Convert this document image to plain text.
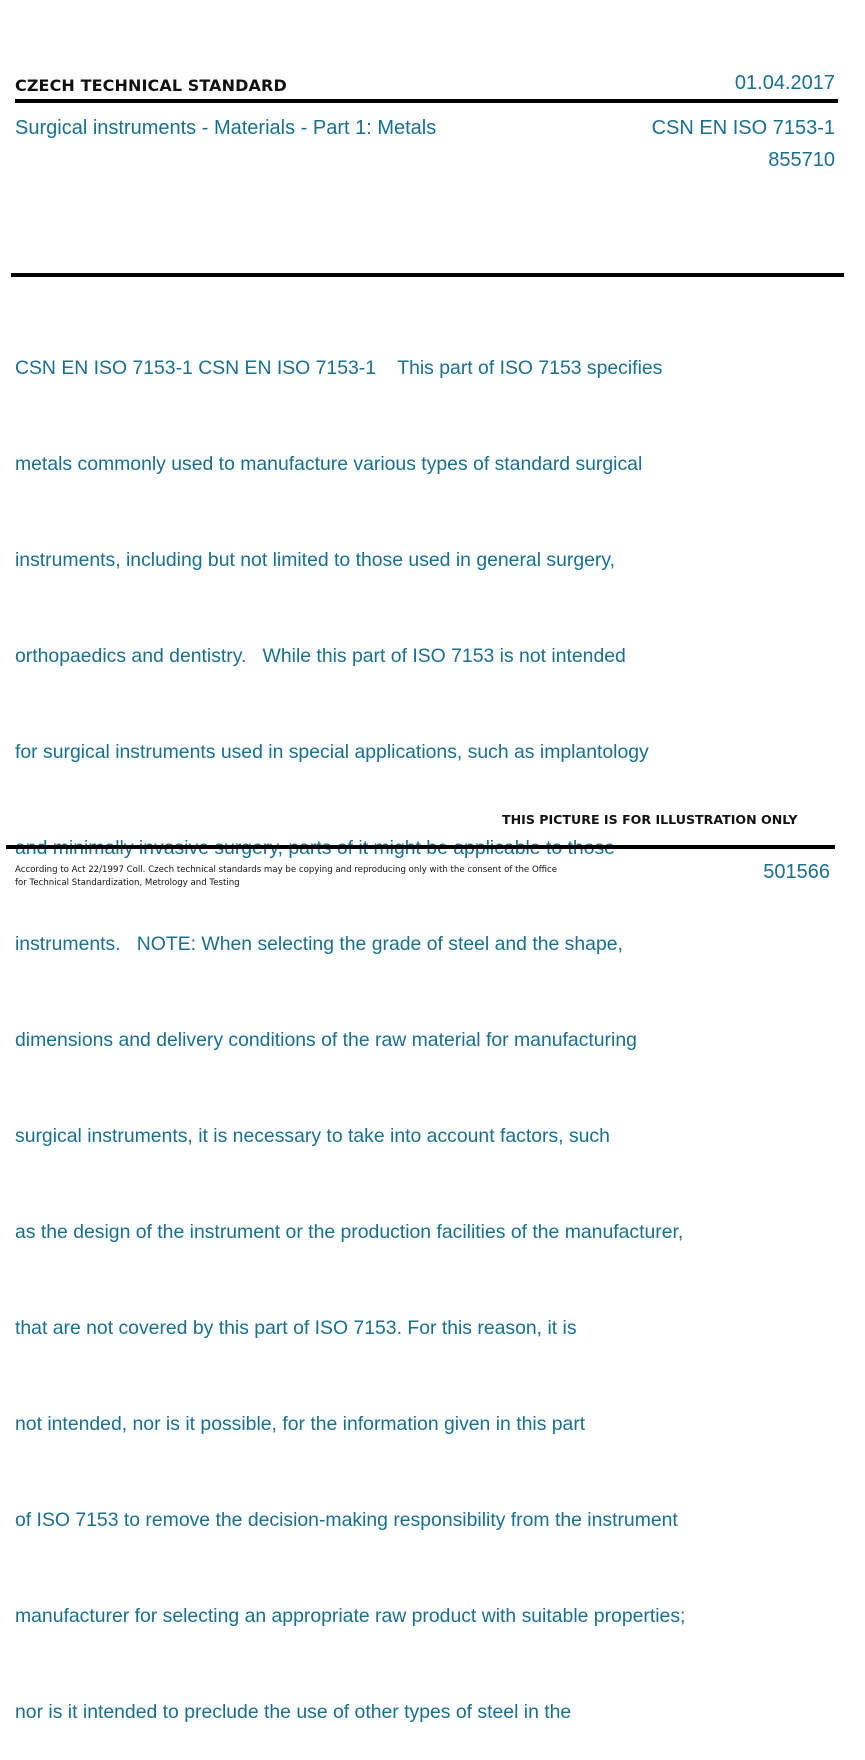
CZECH TECHNICAL STANDARD	01.04.2017
Surgical instruments - Materials - Part 1: Metals	CSN EN ISO 7153-1
855710

CSN EN ISO 7153-1 CSN EN ISO 7153-1    This part of ISO 7153 specifies

metals commonly used to manufacture various types of standard surgical

instruments, including but not limited to those used in general surgery,

orthopaedics and dentistry.   While this part of ISO 7153 is not intended

for surgical instruments used in special applications, such as implantology

instruments.   NOTE: When selecting the grade of steel and the shape,

dimensions and delivery conditions of the raw material for manufacturing

surgical instruments, it is necessary to take into account factors, such

as the design of the instrument or the production facilities of the manufacturer,

that are not covered by this part of ISO 7153. For this reason, it is

not intended, nor is it possible, for the information given in this part

of ISO 7153 to remove the decision-making responsibility from the instrument

manufacturer for selecting an appropriate raw product with suitable properties;

nor is it intended to preclude the use of other types of steel in the

THIS PICTURE IS FOR ILLUSTRATION ONLY
According to Act 22/1997 Coll. Czech technical standards may be copying and reproducing only with the consent of the Office
for Technical Standardization, Metrology and Testing	501566
